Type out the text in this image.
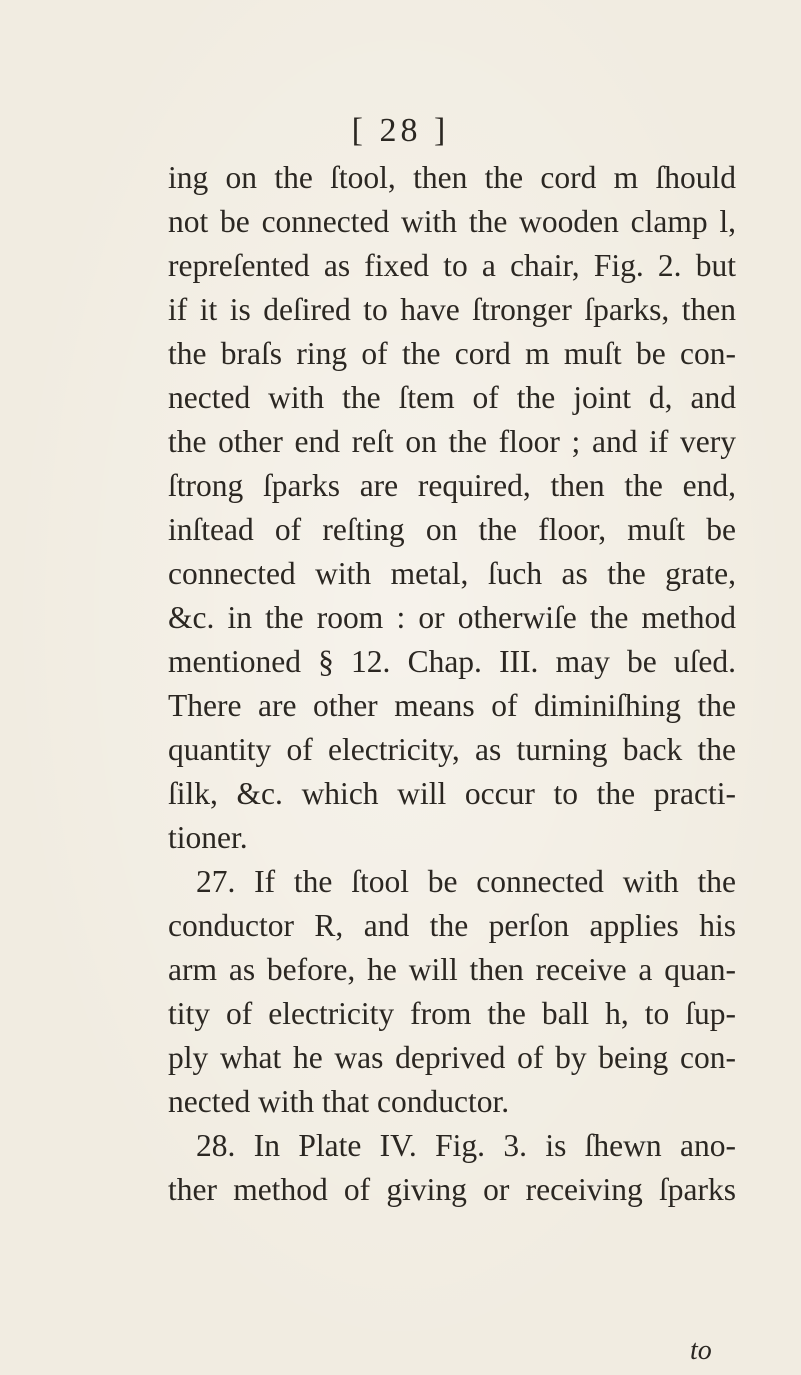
[ 28 ]
ing on the ſtool, then the cord m ſhould
not be connected with the wooden clamp l,
repreſented as fixed to a chair, Fig. 2. but
if it is deſired to have ſtronger ſparks, then
the braſs ring of the cord m muſt be con-
nected with the ſtem of the joint d, and
the other end reſt on the floor ; and if very
ſtrong ſparks are required, then the end,
inſtead of reſting on the floor, muſt be
connected with metal, ſuch as the grate,
&c. in the room : or otherwiſe the method
mentioned § 12. Chap. III. may be uſed.
There are other means of diminiſhing the
quantity of electricity, as turning back the
ſilk, &c. which will occur to the practi-
tioner.
27. If the ſtool be connected with the
conductor R, and the perſon applies his
arm as before, he will then receive a quan-
tity of electricity from the ball h, to ſup-
ply what he was deprived of by being con-
nected with that conductor.
28. In Plate IV. Fig. 3. is ſhewn ano-
ther method of giving or receiving ſparks
to
